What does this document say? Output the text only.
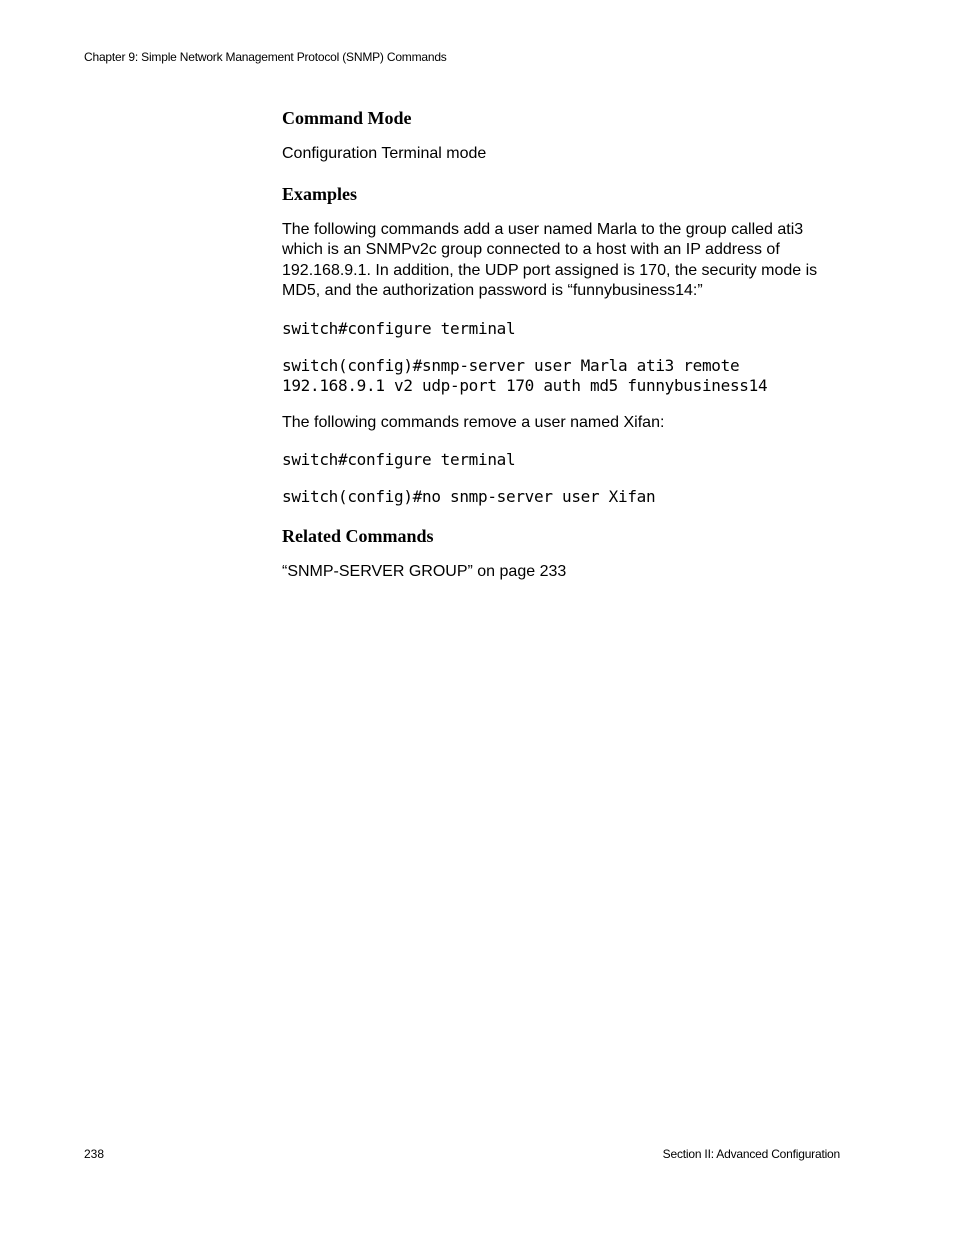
Chapter 9: Simple Network Management Protocol (SNMP) Commands
Command Mode
Configuration Terminal mode
Examples
The following commands add a user named Marla to the group called ati3 which is an SNMPv2c group connected to a host with an IP address of 192.168.9.1. In addition, the UDP port assigned is 170, the security mode is MD5, and the authorization password is “funnybusiness14:”
switch#configure terminal
switch(config)#snmp-server user Marla ati3 remote
192.168.9.1 v2 udp-port 170 auth md5 funnybusiness14
The following commands remove a user named Xifan:
switch#configure terminal
switch(config)#no snmp-server user Xifan
Related Commands
“SNMP-SERVER GROUP” on page 233
238	Section II: Advanced Configuration
